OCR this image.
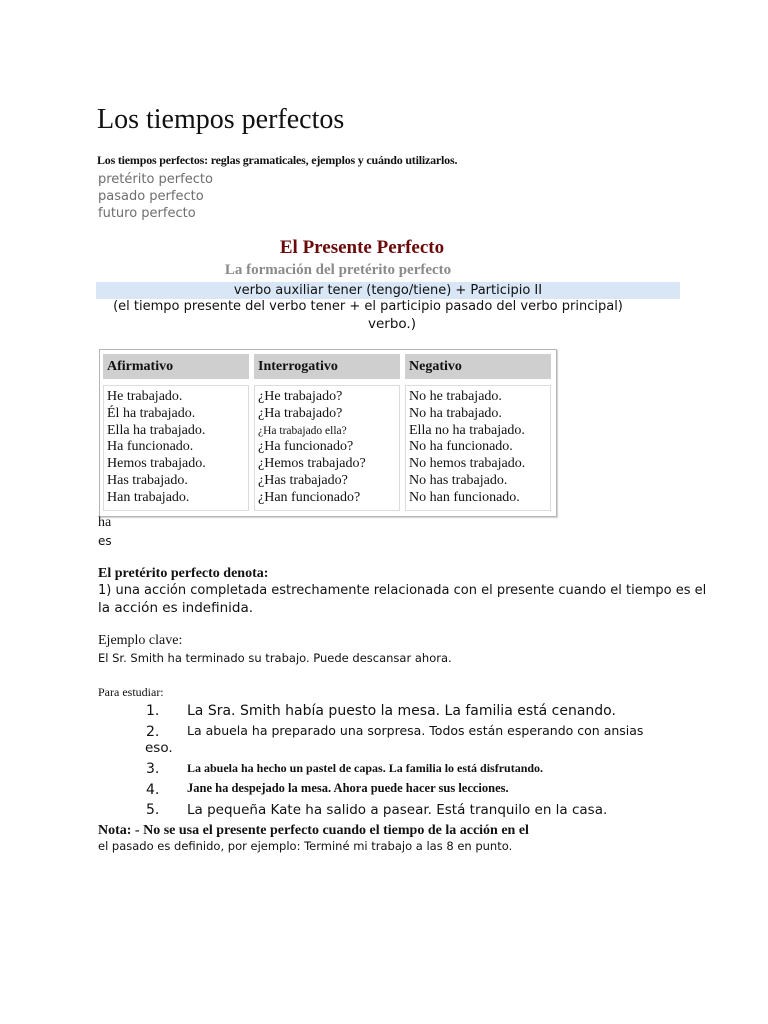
Los tiempos perfectos
Los tiempos perfectos: reglas gramaticales, ejemplos y cuándo utilizarlos.
pretérito perfecto
pasado perfecto
futuro perfecto
El Presente Perfecto
La formación del pretérito perfecto
verbo auxiliar tener (tengo/tiene) + Participio II
(el tiempo presente del verbo tener + el participio pasado del verbo principal)
verbo.)
Afirmativo
He trabajado.
Él ha trabajado.
Ella ha trabajado.
Ha funcionado.
Hemos trabajado.
Has trabajado.
Han trabajado.
Interrogativo
¿He trabajado?
¿Ha trabajado?
¿Ha trabajado ella?
¿Ha funcionado?
¿Hemos trabajado?
¿Has trabajado?
¿Han funcionado?
Negativo
No he trabajado.
No ha trabajado.
Ella no ha trabajado.
No ha funcionado.
No hemos trabajado.
No has trabajado.
No han funcionado.
ha
es
El pretérito perfecto denota:
1) una acción completada estrechamente relacionada con el presente cuando el tiempo es el
la acción es indefinida.
Ejemplo clave:
El Sr. Smith ha terminado su trabajo. Puede descansar ahora.
Para estudiar:
1. La Sra. Smith había puesto la mesa. La familia está cenando.
2. La abuela ha preparado una sorpresa. Todos están esperando con ansias
eso.
3. La abuela ha hecho un pastel de capas. La familia lo está disfrutando.
4. Jane ha despejado la mesa. Ahora puede hacer sus lecciones.
5. La pequeña Kate ha salido a pasear. Está tranquilo en la casa.
Nota: - No se usa el presente perfecto cuando el tiempo de la acción en el
el pasado es definido, por ejemplo: Terminé mi trabajo a las 8 en punto.
